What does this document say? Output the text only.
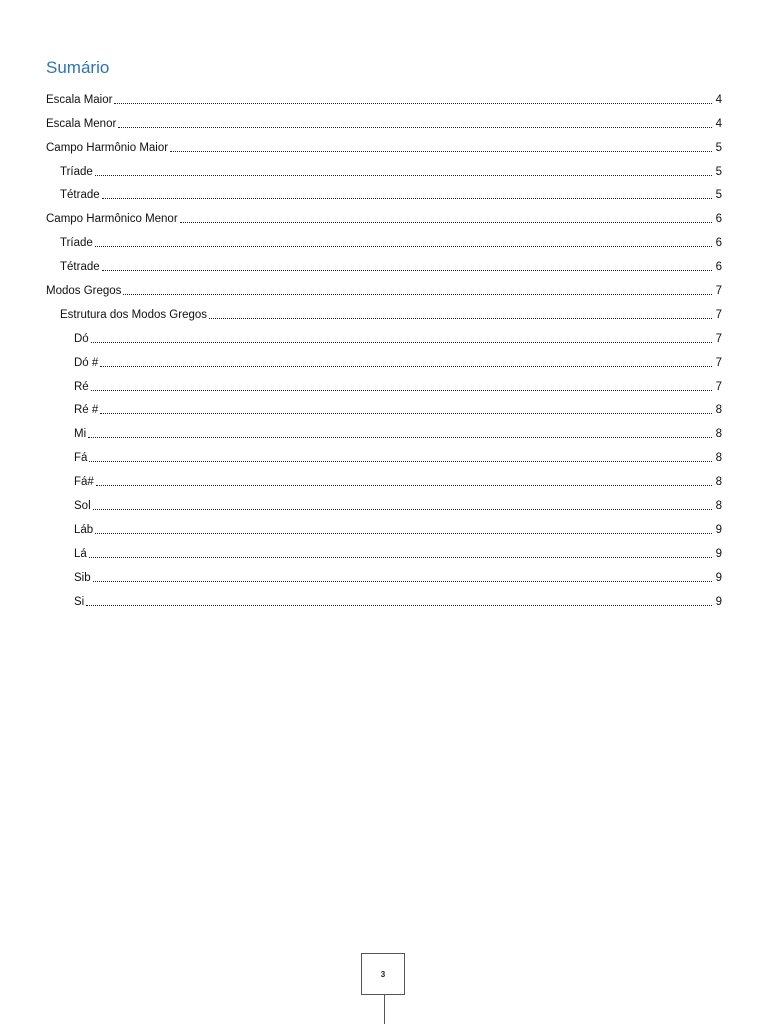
Sumário
Escala Maior	4
Escala Menor	4
Campo Harmônio Maior	5
Tríade	5
Tétrade	5
Campo Harmônico Menor	6
Tríade	6
Tétrade	6
Modos Gregos	7
Estrutura dos Modos Gregos	7
Dó	7
Dó #	7
Ré	7
Ré #	8
Mi	8
Fá	8
Fá#	8
Sol	8
Láb	9
Lá	9
Sib	9
Si	9
3
